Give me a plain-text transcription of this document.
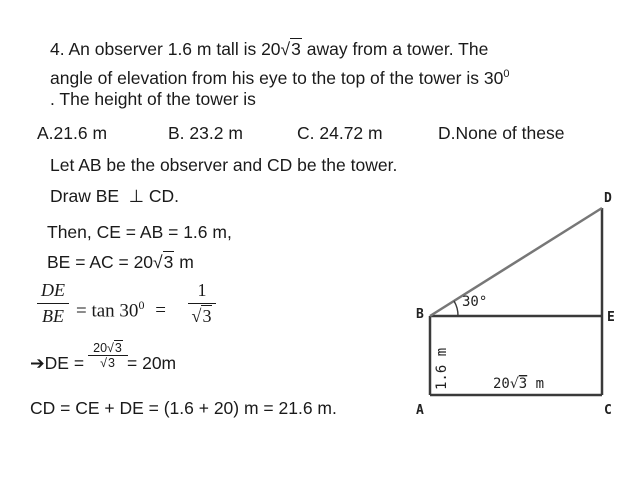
4. An observer 1.6 m tall is 20√3 away from a tower. The
angle of elevation from his eye to the top of the tower is $30^0$
. The height of the tower is
A.21.6 m	B. 23.2 m	C. 24.72 m	D.None of these
Let AB be the observer and CD be the tower.
Draw BE ⊥ CD.
Then, CE = AB = 1.6 m,
BE = AC = 20√3 m
DE
BE = $\tan 30^0$ =
1
√3
➔DE =
20√3
√3 = 20m
CD = CE + DE = (1.6 + 20) m = 21.6 m.
D
E
C
B
A
30°
1.6 m	20√3 m
